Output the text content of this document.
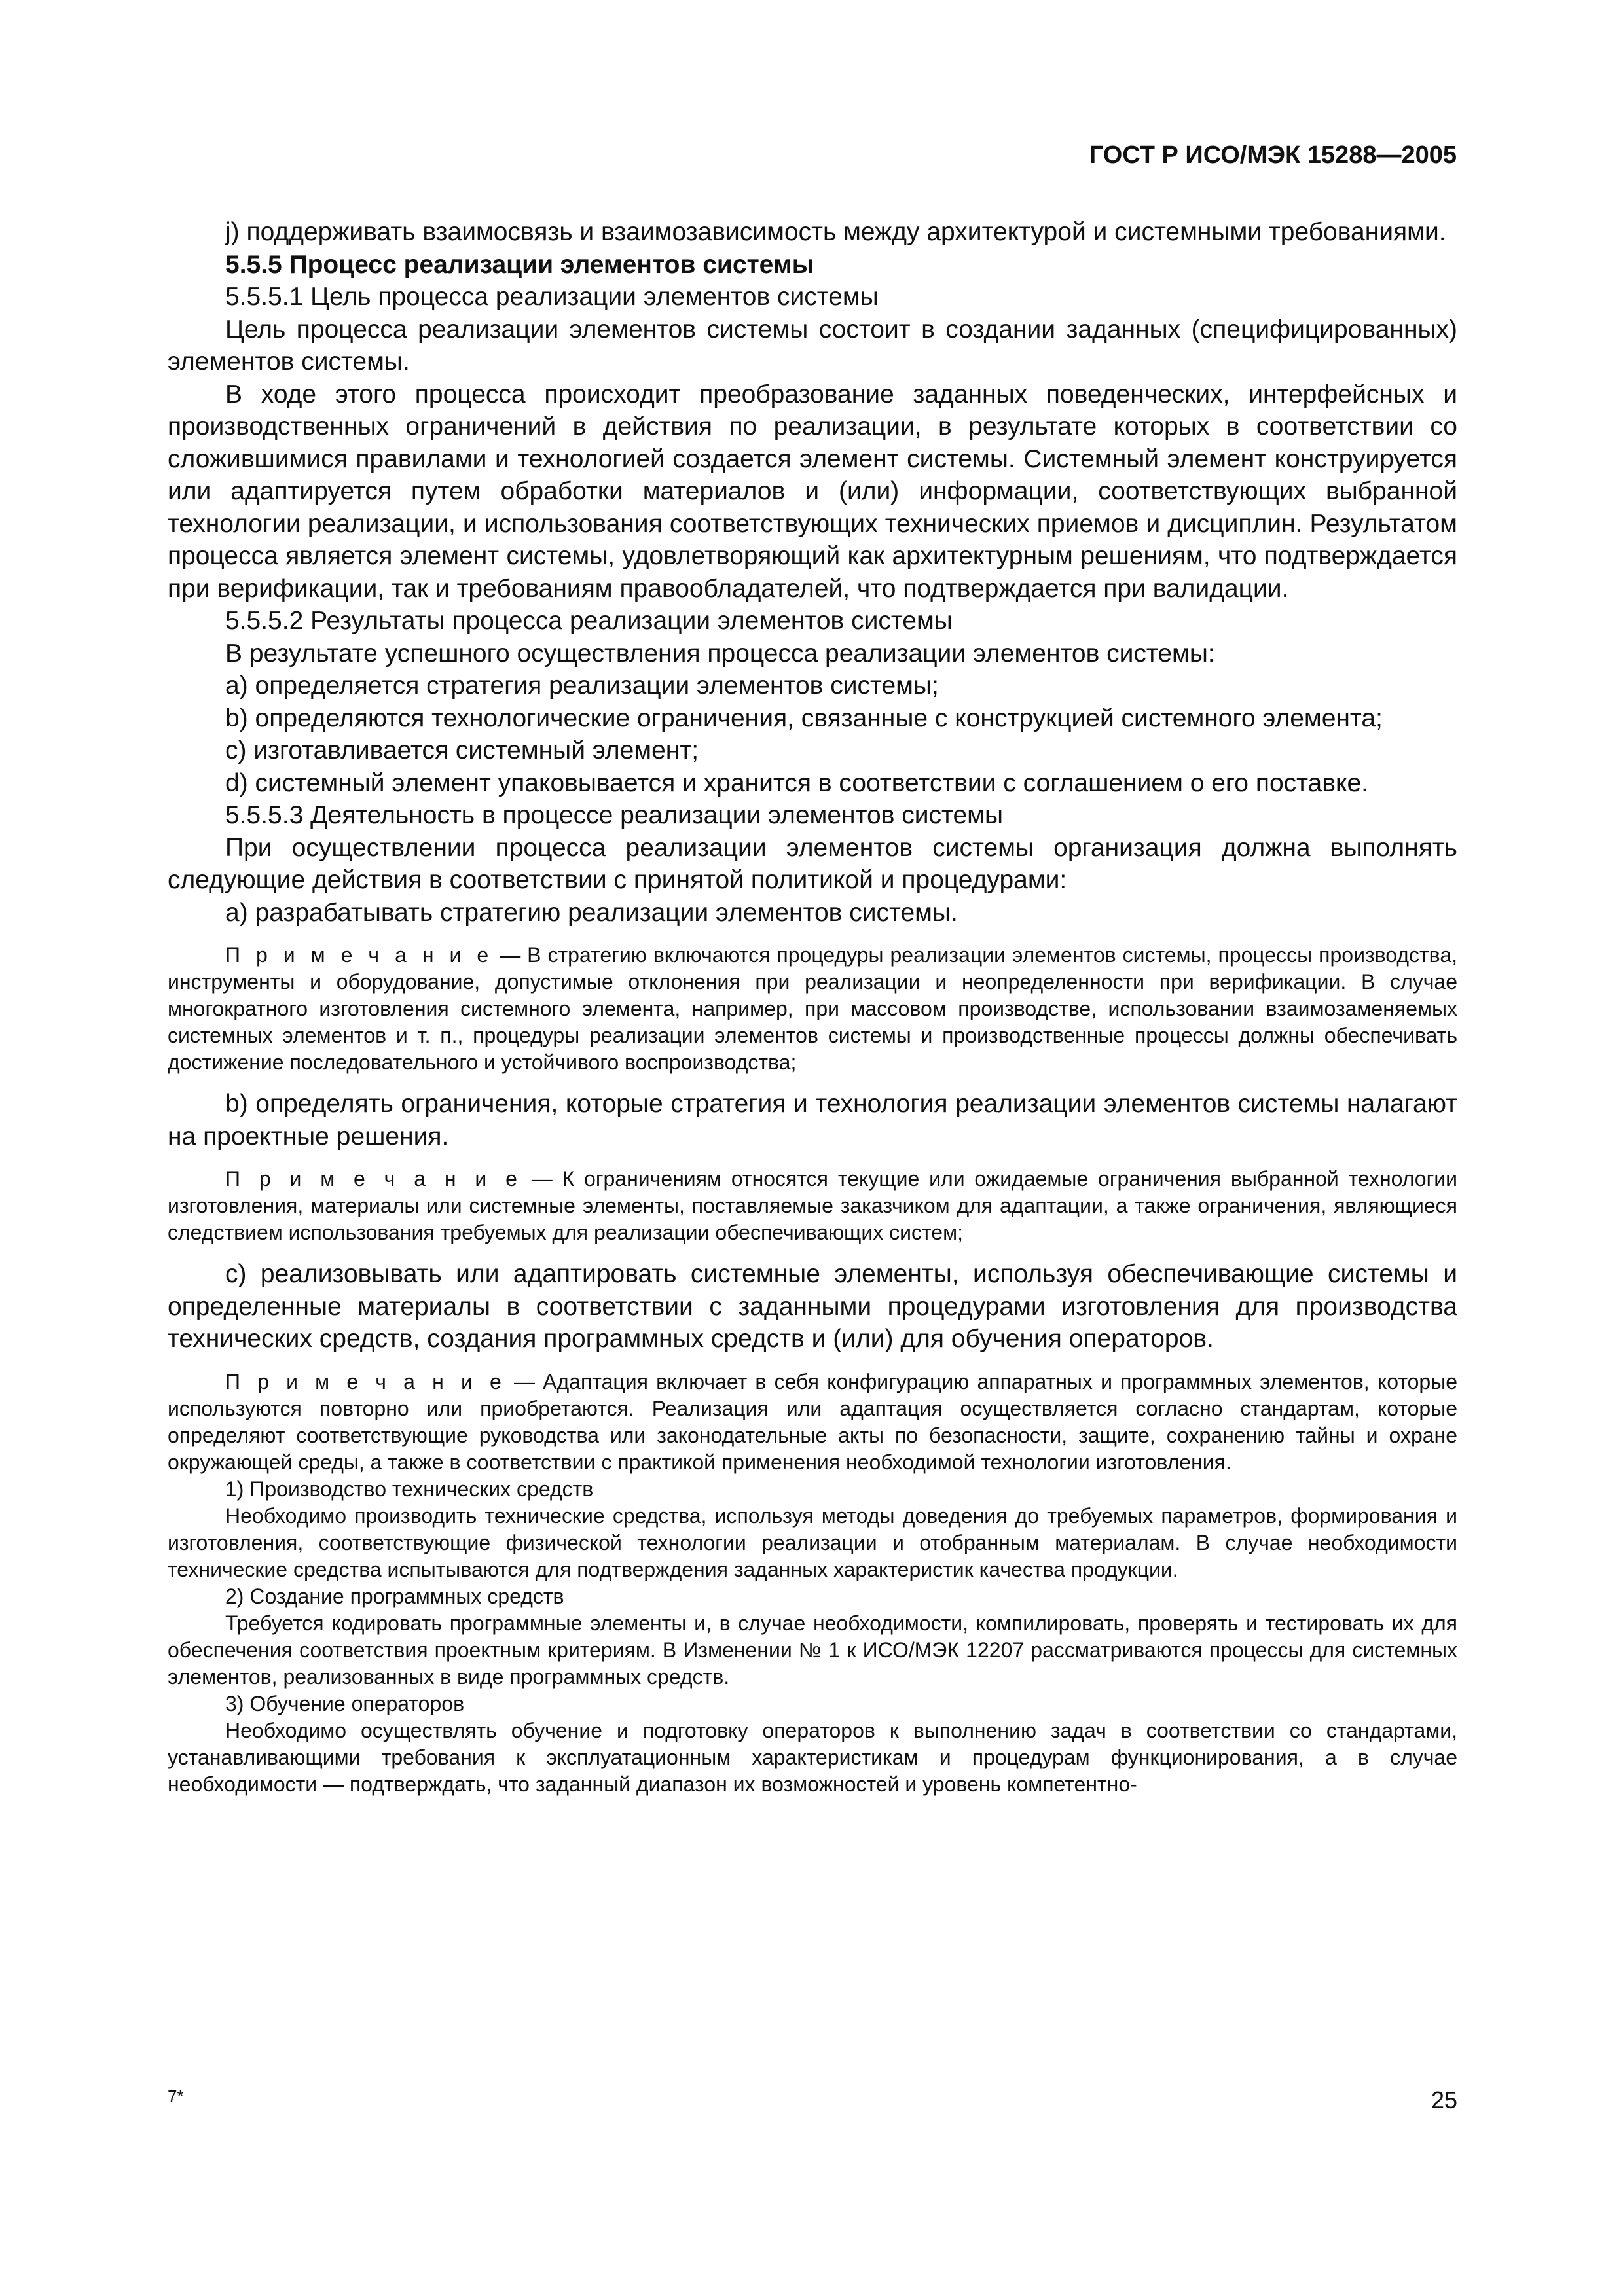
ГОСТ Р ИСО/МЭК 15288—2005

j) поддерживать взаимосвязь и взаимозависимость между архитектурой и системными требованиями.

5.5.5 Процесс реализации элементов системы

5.5.5.1 Цель процесса реализации элементов системы

Цель процесса реализации элементов системы состоит в создании заданных (специфицированных) элементов системы.

В ходе этого процесса происходит преобразование заданных поведенческих, интерфейсных и производственных ограничений в действия по реализации, в результате которых в соответствии со сложившимися правилами и технологией создается элемент системы. Системный элемент конструируется или адаптируется путем обработки материалов и (или) информации, соответствующих выбранной технологии реализации, и использования соответствующих технических приемов и дисциплин. Результатом процесса является элемент системы, удовлетворяющий как архитектурным решениям, что подтверждается при верификации, так и требованиям правообладателей, что подтверждается при валидации.

5.5.5.2 Результаты процесса реализации элементов системы

В результате успешного осуществления процесса реализации элементов системы:

а) определяется стратегия реализации элементов системы;

b) определяются технологические ограничения, связанные с конструкцией системного элемента;

c) изготавливается системный элемент;

d) системный элемент упаковывается и хранится в соответствии с соглашением о его поставке.

5.5.5.3 Деятельность в процессе реализации элементов системы

При осуществлении процесса реализации элементов системы организация должна выполнять следующие действия в соответствии с принятой политикой и процедурами:

а) разрабатывать стратегию реализации элементов системы.

П р и м е ч а н и е — В стратегию включаются процедуры реализации элементов системы, процессы производства, инструменты и оборудование, допустимые отклонения при реализации и неопределенности при верификации. В случае многократного изготовления системного элемента, например, при массовом производстве, использовании взаимозаменяемых системных элементов и т. п., процедуры реализации элементов системы и производственные процессы должны обеспечивать достижение последовательного и устойчивого воспроизводства;

b) определять ограничения, которые стратегия и технология реализации элементов системы налагают на проектные решения.

П р и м е ч а н и е — К ограничениям относятся текущие или ожидаемые ограничения выбранной технологии изготовления, материалы или системные элементы, поставляемые заказчиком для адаптации, а также ограничения, являющиеся следствием использования требуемых для реализации обеспечивающих систем;

c) реализовывать или адаптировать системные элементы, используя обеспечивающие системы и определенные материалы в соответствии с заданными процедурами изготовления для производства технических средств, создания программных средств и (или) для обучения операторов.

П р и м е ч а н и е — Адаптация включает в себя конфигурацию аппаратных и программных элементов, которые используются повторно или приобретаются. Реализация или адаптация осуществляется согласно стандартам, которые определяют соответствующие руководства или законодательные акты по безопасности, защите, сохранению тайны и охране окружающей среды, а также в соответствии с практикой применения необходимой технологии изготовления.

1) Производство технических средств

Необходимо производить технические средства, используя методы доведения до требуемых параметров, формирования и изготовления, соответствующие физической технологии реализации и отобранным материалам. В случае необходимости технические средства испытываются для подтверждения заданных характеристик качества продукции.

2) Создание программных средств

Требуется кодировать программные элементы и, в случае необходимости, компилировать, проверять и тестировать их для обеспечения соответствия проектным критериям. В Изменении № 1 к ИСО/МЭК 12207 рассматриваются процессы для системных элементов, реализованных в виде программных средств.

3) Обучение операторов

Необходимо осуществлять обучение и подготовку операторов к выполнению задач в соответствии со стандартами, устанавливающими требования к эксплуатационным характеристикам и процедурам функционирования, а в случае необходимости — подтверждать, что заданный диапазон их возможностей и уровень компетентно-

7*	25
